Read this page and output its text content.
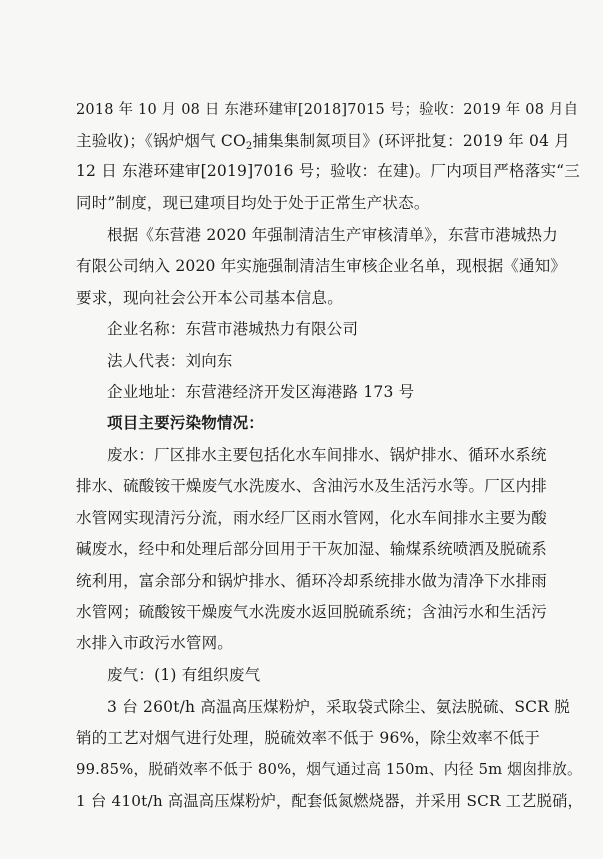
2018 年 10 月 08 日 东港环建审[2018]7015 号；验收：2019 年 08 月自
主验收)；《锅炉烟气 $CO_2$捕集集制氮项目》(环评批复：2019 年 04 月
12 日 东港环建审[2019]7016 号；验收：在建)。厂内项目严格落实“三
同时”制度，现已建项目均处于处于正常生产状态。
根据《东营港 2020 年强制清洁生产审核清单》，东营市港城热力
有限公司纳入 2020 年实施强制清洁生审核企业名单，现根据《通知》
要求，现向社会公开本公司基本信息。
企业名称：东营市港城热力有限公司
法人代表：刘向东
企业地址：东营港经济开发区海港路 173 号
项目主要污染物情况：
废水：厂区排水主要包括化水车间排水、锅炉排水、循环水系统
排水、硫酸铵干燥废气水洗废水、含油污水及生活污水等。厂区内排
水管网实现清污分流，雨水经厂区雨水管网，化水车间排水主要为酸
碱废水，经中和处理后部分回用于干灰加湿、输煤系统喷洒及脱硫系
统利用，富余部分和锅炉排水、循环冷却系统排水做为清净下水排雨
水管网；硫酸铵干燥废气水洗废水返回脱硫系统；含油污水和生活污
水排入市政污水管网。
废气：(1) 有组织废气
3 台 260t/h 高温高压煤粉炉，采取袋式除尘、氨法脱硫、SCR 脱
销的工艺对烟气进行处理，脱硫效率不低于 96%，除尘效率不低于
99.85%，脱硝效率不低于 80%，烟气通过高 150m、内径 5m 烟囱排放。
1 台 410t/h 高温高压煤粉炉，配套低氮燃烧器，并采用 SCR 工艺脱硝，
